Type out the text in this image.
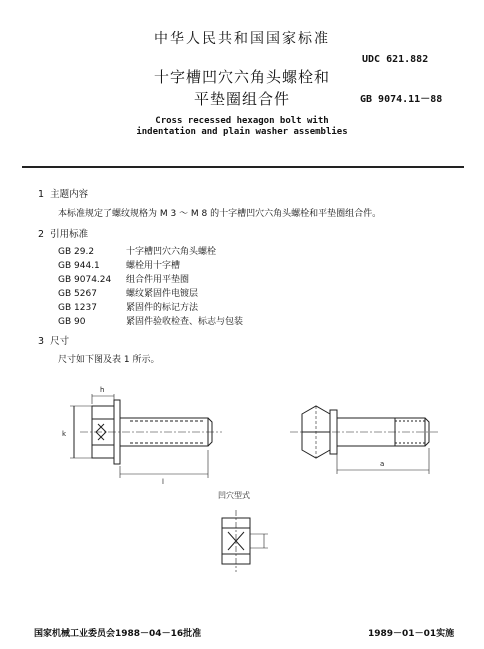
中华人民共和国国家标准
UDC 621.882
十字槽凹穴六角头螺栓和
平垫圈组合件	GB 9074.11－88
Cross recessed hexagon bolt with
indentation and plain washer assemblies
1 主题内容
本标准规定了螺纹规格为 M 3 ～ M 8 的十字槽凹穴六角头螺栓和平垫圈组合件。
2 引用标准
GB 29.2	十字槽凹穴六角头螺栓
GB 944.1	螺栓用十字槽
GB 9074.24 组合件用平垫圈
GB 5267	螺纹紧固件电镀层
GB 1237	紧固件的标记方法
GB 90	紧固件验收检查、标志与包装
3 尺寸
尺寸如下图及表 1 所示。
k
h
l
a
凹穴型式
国家机械工业委员会1988－04－16批准	1989－01－01实施
